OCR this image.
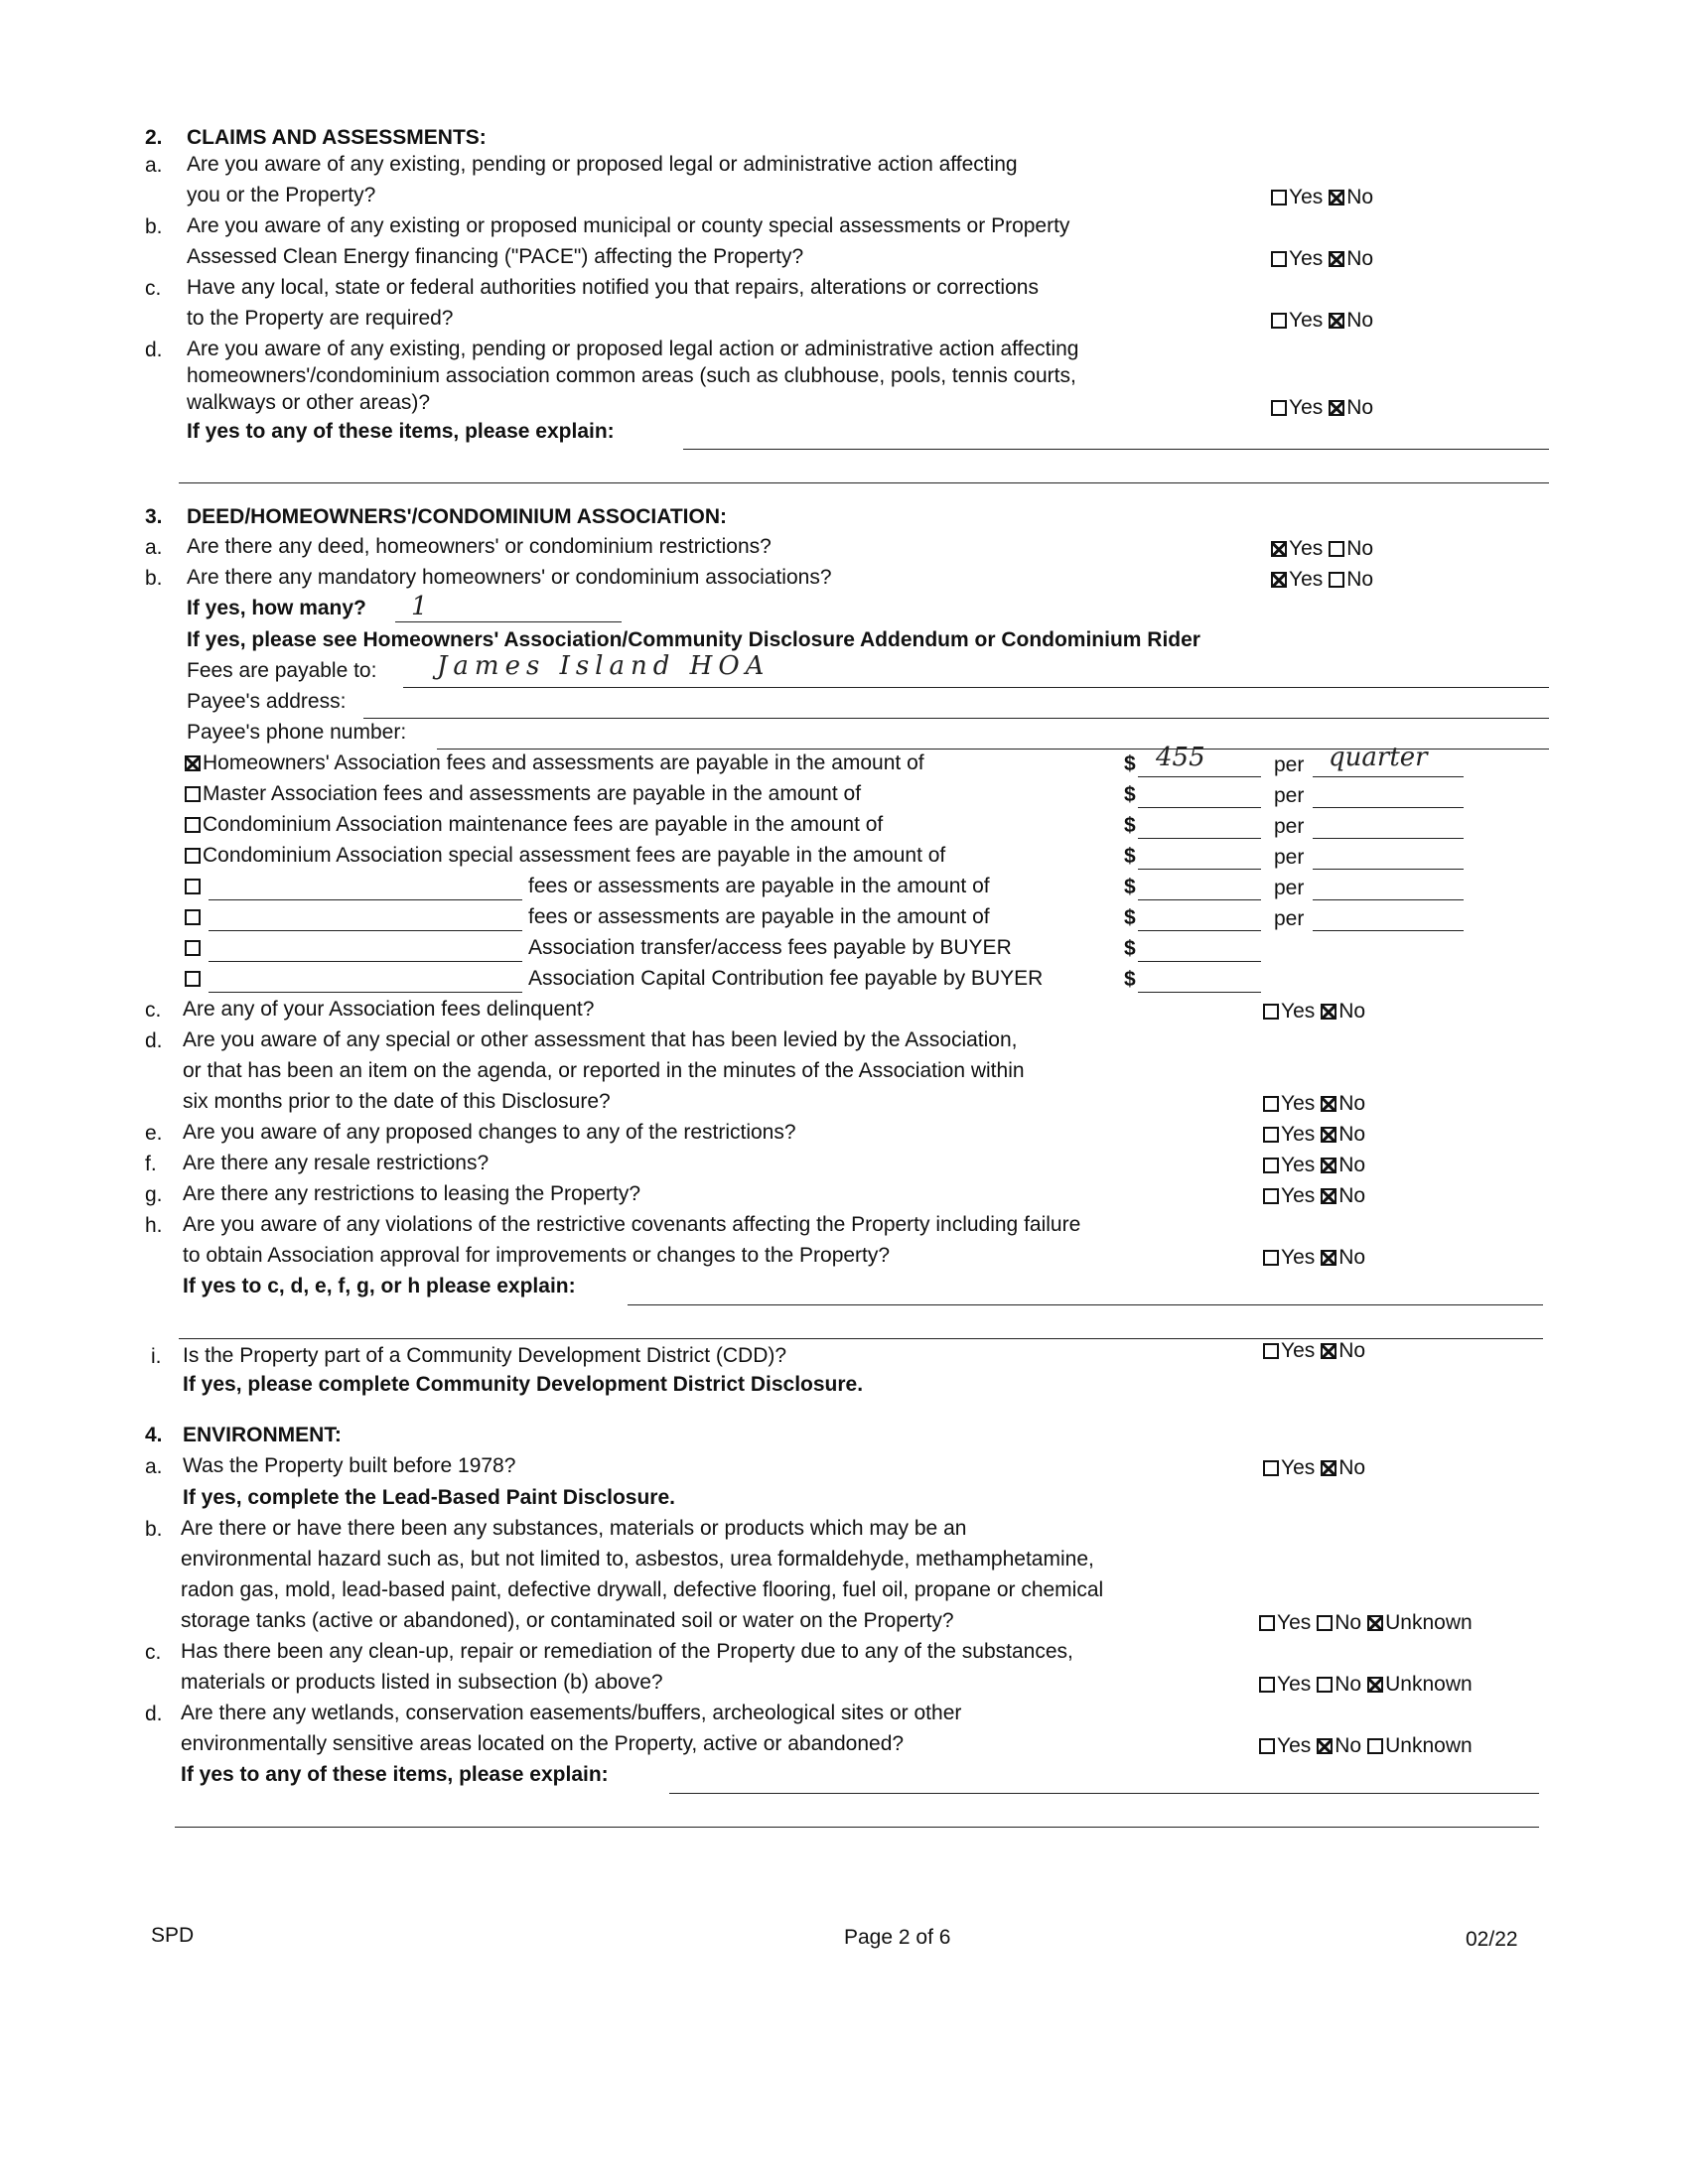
2. CLAIMS AND ASSESSMENTS:
a. Are you aware of any existing, pending or proposed legal or administrative action affecting
you or the Property?	Yes No
b. Are you aware of any existing or proposed municipal or county special assessments or Property
Assessed Clean Energy financing ("PACE") affecting the Property?	Yes No
c. Have any local, state or federal authorities notified you that repairs, alterations or corrections
to the Property are required?	Yes No
d. Are you aware of any existing, pending or proposed legal action or administrative action affecting
homeowners'/condominium association common areas (such as clubhouse, pools, tennis courts,
walkways or other areas)?	Yes No
If yes to any of these items, please explain:
3. DEED/HOMEOWNERS'/CONDOMINIUM ASSOCIATION:
a. Are there any deed, homeowners' or condominium restrictions?	Yes No
b. Are there any mandatory homeowners' or condominium associations?	Yes No
If yes, how many? 1
If yes, please see Homeowners' Association/Community Disclosure Addendum or Condominium Rider
Fees are payable to: James Island HOA
Payee's address:
Payee's phone number:
Homeowners' Association fees and assessments are payable in the amount of	$ 455	per quarter
Master Association fees and assessments are payable in the amount of	$	per
Condominium Association maintenance fees are payable in the amount of	$	per
Condominium Association special assessment fees are payable in the amount of	$	per
fees or assessments are payable in the amount of	$	per
fees or assessments are payable in the amount of	$	per
Association transfer/access fees payable by BUYER	$
Association Capital Contribution fee payable by BUYER	$
c. Are any of your Association fees delinquent?	Yes No
d. Are you aware of any special or other assessment that has been levied by the Association,
or that has been an item on the agenda, or reported in the minutes of the Association within
six months prior to the date of this Disclosure?	Yes No
e. Are you aware of any proposed changes to any of the restrictions?	Yes No
f. Are there any resale restrictions?	Yes No
g. Are there any restrictions to leasing the Property?	Yes No
h. Are you aware of any violations of the restrictive covenants affecting the Property including failure
to obtain Association approval for improvements or changes to the Property?	Yes No
If yes to c, d, e, f, g, or h please explain:
i. Is the Property part of a Community Development District (CDD)?
If yes, please complete Community Development District Disclosure.
Yes No
4. ENVIRONMENT:
a. Was the Property built before 1978?
If yes, complete the Lead-Based Paint Disclosure.
Yes No
b. Are there or have there been any substances, materials or products which may be an
environmental hazard such as, but not limited to, asbestos, urea formaldehyde, methamphetamine,
radon gas, mold, lead-based paint, defective drywall, defective flooring, fuel oil, propane or chemical
storage tanks (active or abandoned), or contaminated soil or water on the Property?	Yes No Unknown
c. Has there been any clean-up, repair or remediation of the Property due to any of the substances,
materials or products listed in subsection (b) above?	Yes No Unknown
d. Are there any wetlands, conservation easements/buffers, archeological sites or other
environmentally sensitive areas located on the Property, active or abandoned?	Yes No Unknown
If yes to any of these items, please explain:
SPD	Page 2 of 6	02/22
